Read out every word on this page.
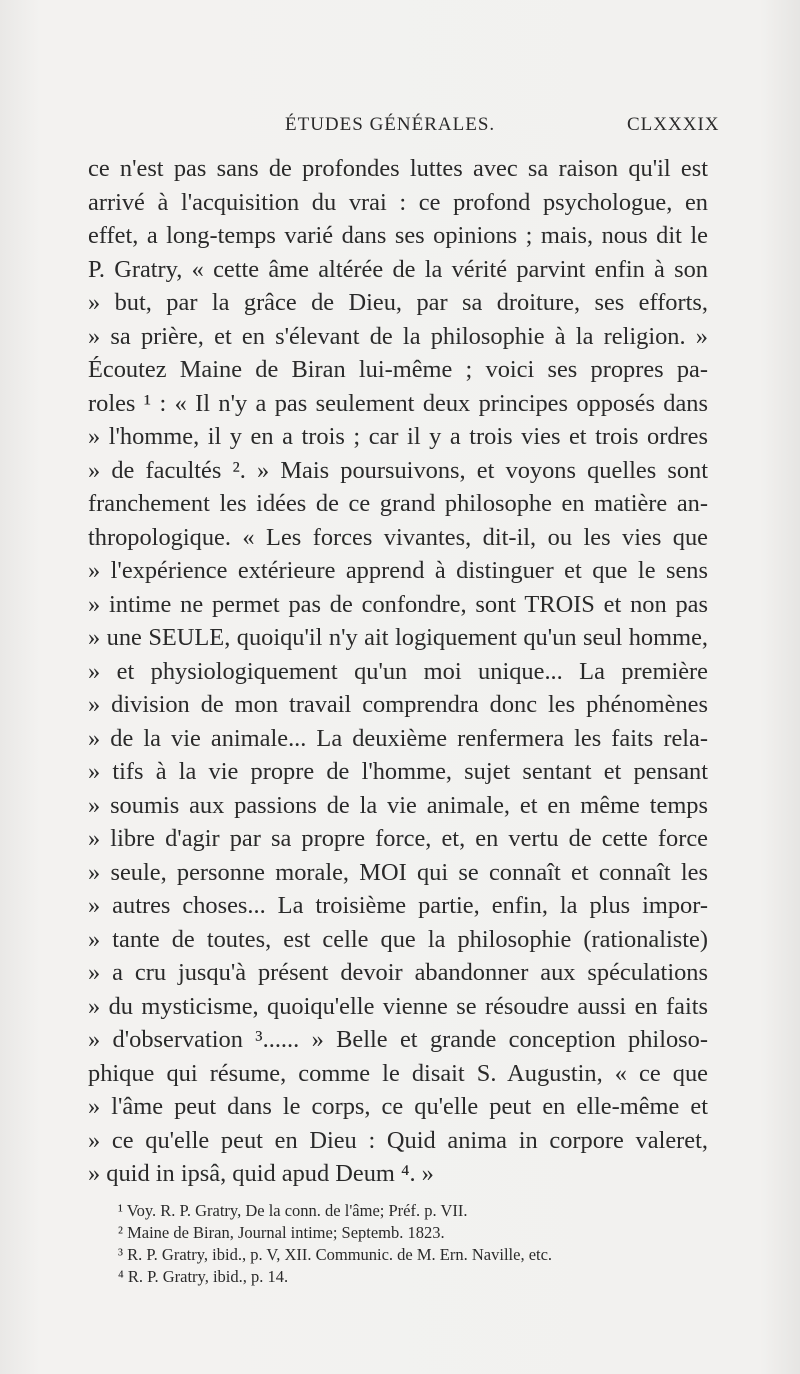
ÉTUDES GÉNÉRALES.	CLXXXIX
ce n'est pas sans de profondes luttes avec sa raison qu'il est
arrivé à l'acquisition du vrai : ce profond psychologue, en
effet, a long-temps varié dans ses opinions ; mais, nous dit le
P. Gratry, « cette âme altérée de la vérité parvint enfin à son
» but, par la grâce de Dieu, par sa droiture, ses efforts,
» sa prière, et en s'élevant de la philosophie à la religion. »
Écoutez Maine de Biran lui-même ; voici ses propres pa-
roles ¹ : « Il n'y a pas seulement deux principes opposés dans
» l'homme, il y en a trois ; car il y a trois vies et trois ordres
» de facultés ². » Mais poursuivons, et voyons quelles sont
franchement les idées de ce grand philosophe en matière an-
thropologique. « Les forces vivantes, dit-il, ou les vies que
» l'expérience extérieure apprend à distinguer et que le sens
» intime ne permet pas de confondre, sont TROIS et non pas
» une SEULE, quoiqu'il n'y ait logiquement qu'un seul homme,
» et physiologiquement qu'un moi unique... La première
» division de mon travail comprendra donc les phénomènes
» de la vie animale... La deuxième renfermera les faits rela-
» tifs à la vie propre de l'homme, sujet sentant et pensant
» soumis aux passions de la vie animale, et en même temps
» libre d'agir par sa propre force, et, en vertu de cette force
» seule, personne morale, MOI qui se connaît et connaît les
» autres choses... La troisième partie, enfin, la plus impor-
» tante de toutes, est celle que la philosophie (rationaliste)
» a cru jusqu'à présent devoir abandonner aux spéculations
» du mysticisme, quoiqu'elle vienne se résoudre aussi en faits
» d'observation ³...... » Belle et grande conception philoso-
phique qui résume, comme le disait S. Augustin, « ce que
» l'âme peut dans le corps, ce qu'elle peut en elle-même et
» ce qu'elle peut en Dieu : Quid anima in corpore valeret,
» quid in ipsâ, quid apud Deum ⁴. »
¹ Voy. R. P. Gratry, De la conn. de l'âme; Préf. p. VII.
² Maine de Biran, Journal intime; Septemb. 1823.
³ R. P. Gratry, ibid., p. V, XII. Communic. de M. Ern. Naville, etc.
⁴ R. P. Gratry, ibid., p. 14.
